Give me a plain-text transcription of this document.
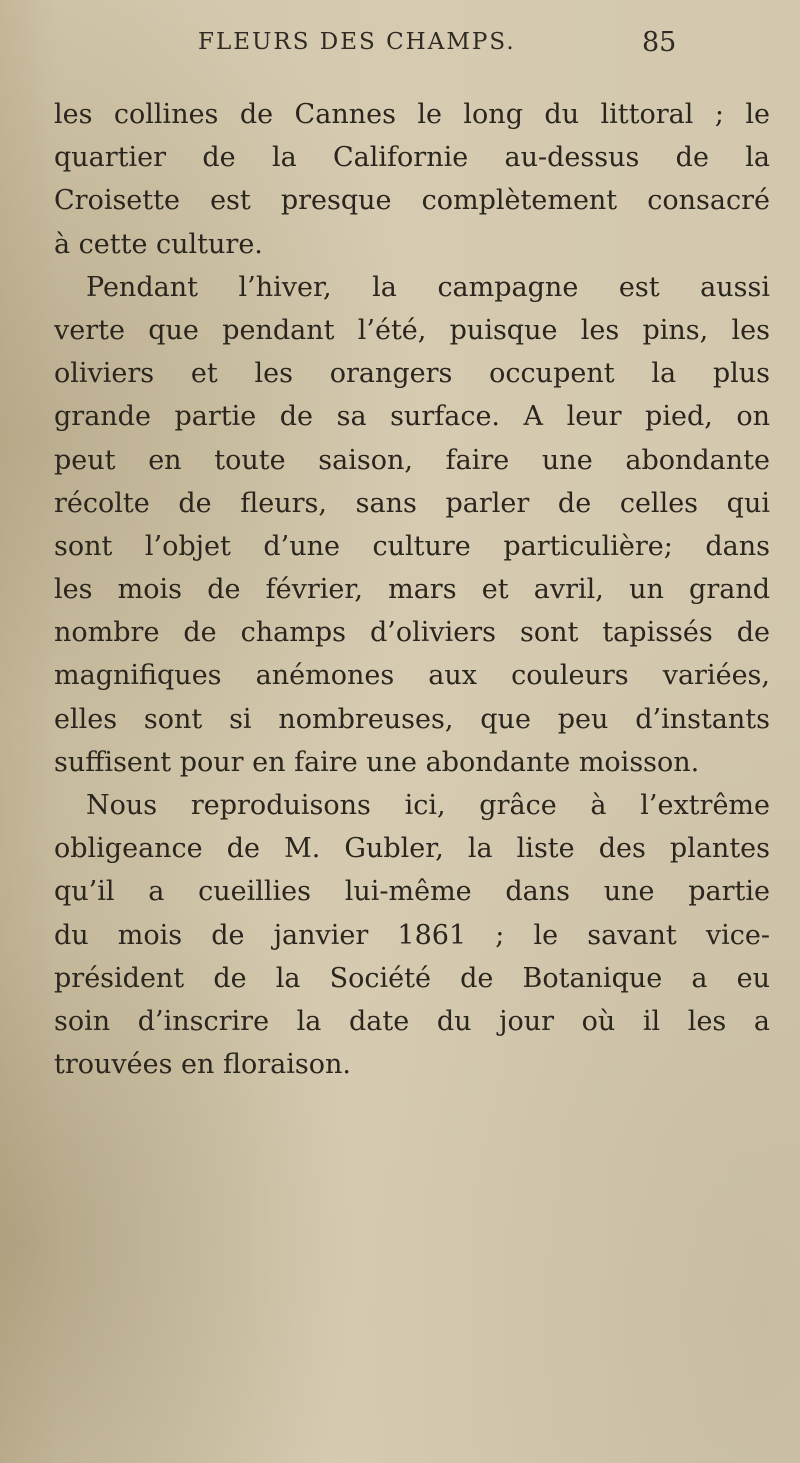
FLEURS DES CHAMPS.	85
les collines de Cannes le long du littoral ; le
quartier de la Californie au-dessus de la
Croisette est presque complètement consacré
à cette culture.
Pendant l’hiver, la campagne est aussi
verte que pendant l’été, puisque les pins, les
oliviers et les orangers occupent la plus
grande partie de sa surface. A leur pied, on
peut en toute saison, faire une abondante
récolte de fleurs, sans parler de celles qui
sont l’objet d’une culture particulière; dans
les mois de février, mars et avril, un grand
nombre de champs d’oliviers sont tapissés de
magnifiques anémones aux couleurs variées,
elles sont si nombreuses, que peu d’instants
suffisent pour en faire une abondante moisson.
Nous reproduisons ici, grâce à l’extrême
obligeance de M. Gubler, la liste des plantes
qu’il a cueillies lui-même dans une partie
du mois de janvier 1861 ; le savant vice-
président de la Société de Botanique a eu
soin d’inscrire la date du jour où il les a
trouvées en floraison.
